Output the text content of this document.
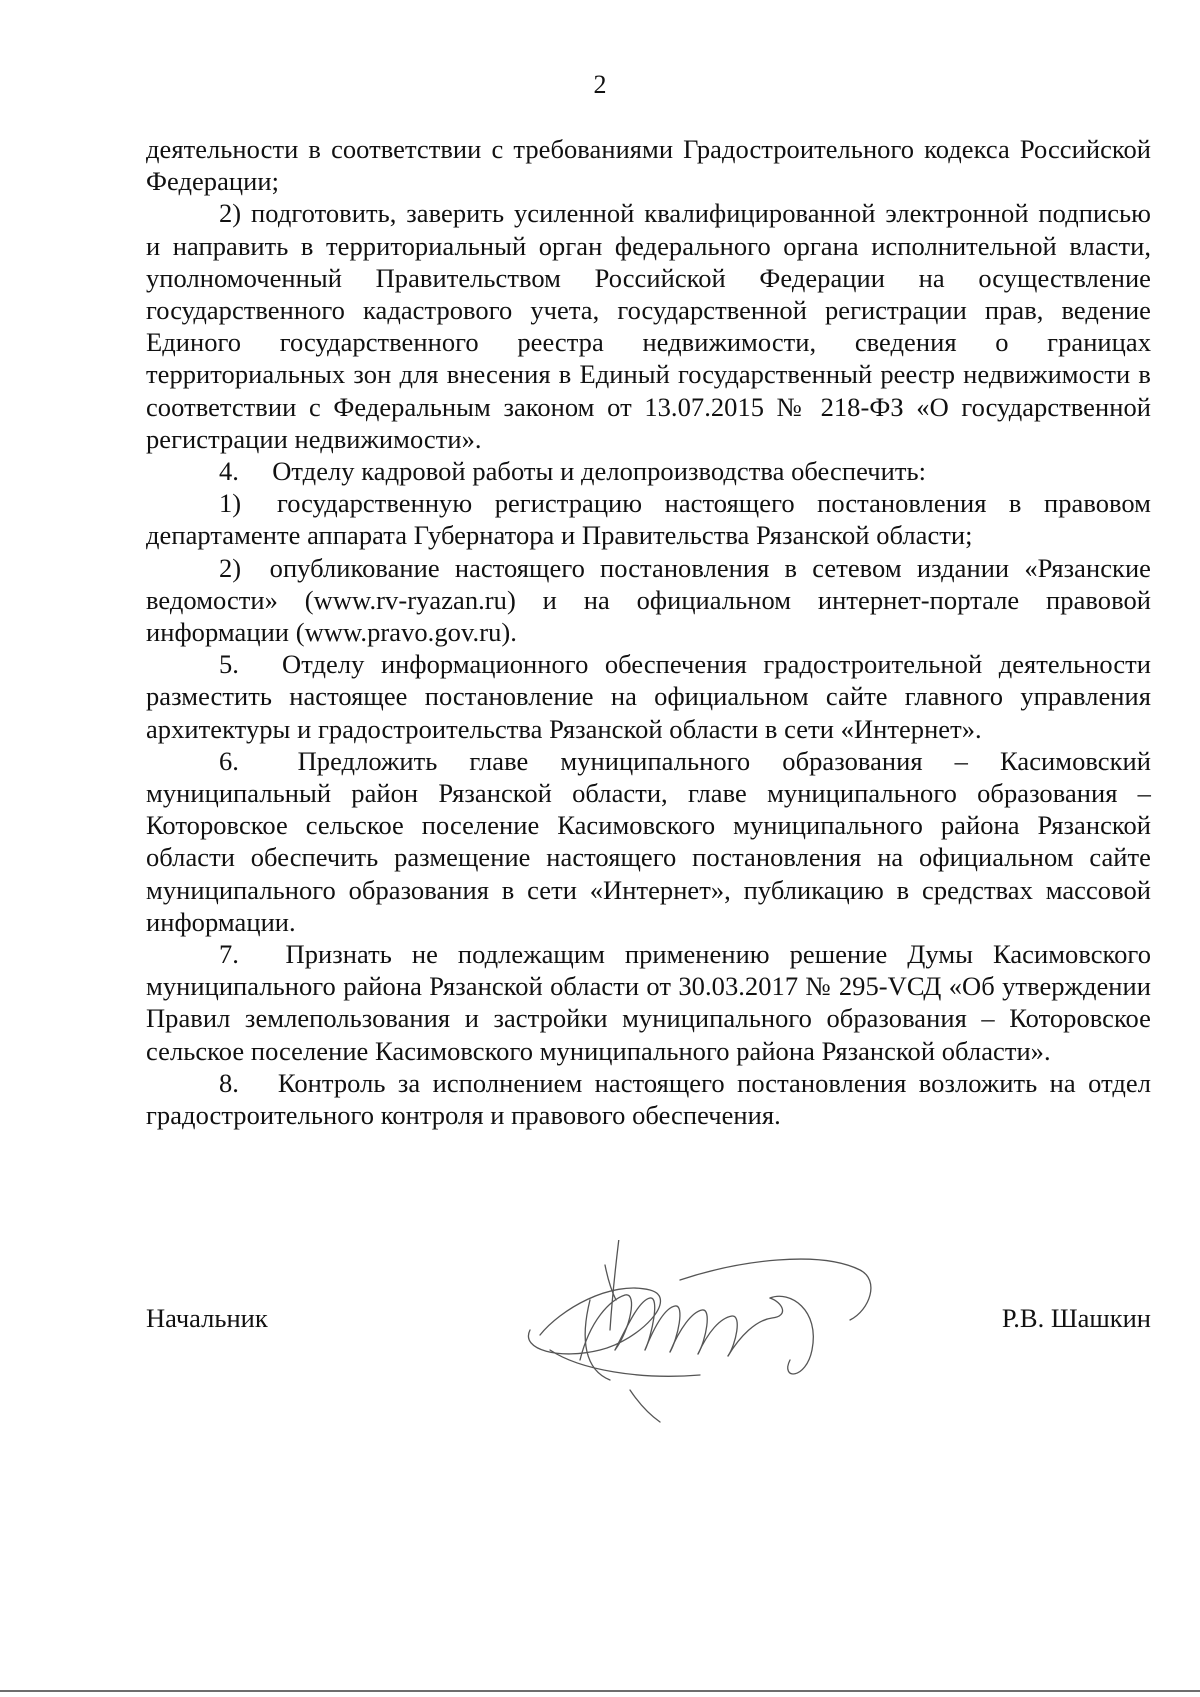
2

деятельности в соответствии с требованиями Градостроительного кодекса Российской Федерации;

2) подготовить, заверить усиленной квалифицированной электронной подписью и направить в территориальный орган федерального органа исполнительной власти, уполномоченный Правительством Российской Федерации на осуществление государственного кадастрового учета, государственной регистрации прав, ведение Единого государственного реестра недвижимости, сведения о границах территориальных зон для внесения в Единый государственный реестр недвижимости в соответствии с Федеральным законом от 13.07.2015 № 218-ФЗ «О государственной регистрации недвижимости».

4.  Отделу кадровой работы и делопроизводства обеспечить:

1)  государственную регистрацию настоящего постановления в правовом департаменте аппарата Губернатора и Правительства Рязанской области;

2)  опубликование настоящего постановления в сетевом издании «Рязанские ведомости» (www.rv-ryazan.ru) и на официальном интернет-портале правовой информации (www.pravo.gov.ru).

5.  Отделу информационного обеспечения градостроительной деятельности разместить настоящее постановление на официальном сайте главного управления архитектуры и градостроительства Рязанской области в сети «Интернет».

6.  Предложить главе муниципального образования – Касимовский муниципальный район Рязанской области, главе муниципального образования – Которовское сельское поселение Касимовского муниципального района Рязанской области обеспечить размещение настоящего постановления на официальном сайте муниципального образования в сети «Интернет», публикацию в средствах массовой информации.

7.  Признать не подлежащим применению решение Думы Касимовского муниципального района Рязанской области от 30.03.2017 № 295-VСД «Об утверждении Правил землепользования и застройки муниципального образования – Которовское сельское поселение Касимовского муниципального района Рязанской области».

8.  Контроль за исполнением настоящего постановления возложить на отдел градостроительного контроля и правового обеспечения.

Начальник	Р.В. Шашкин
